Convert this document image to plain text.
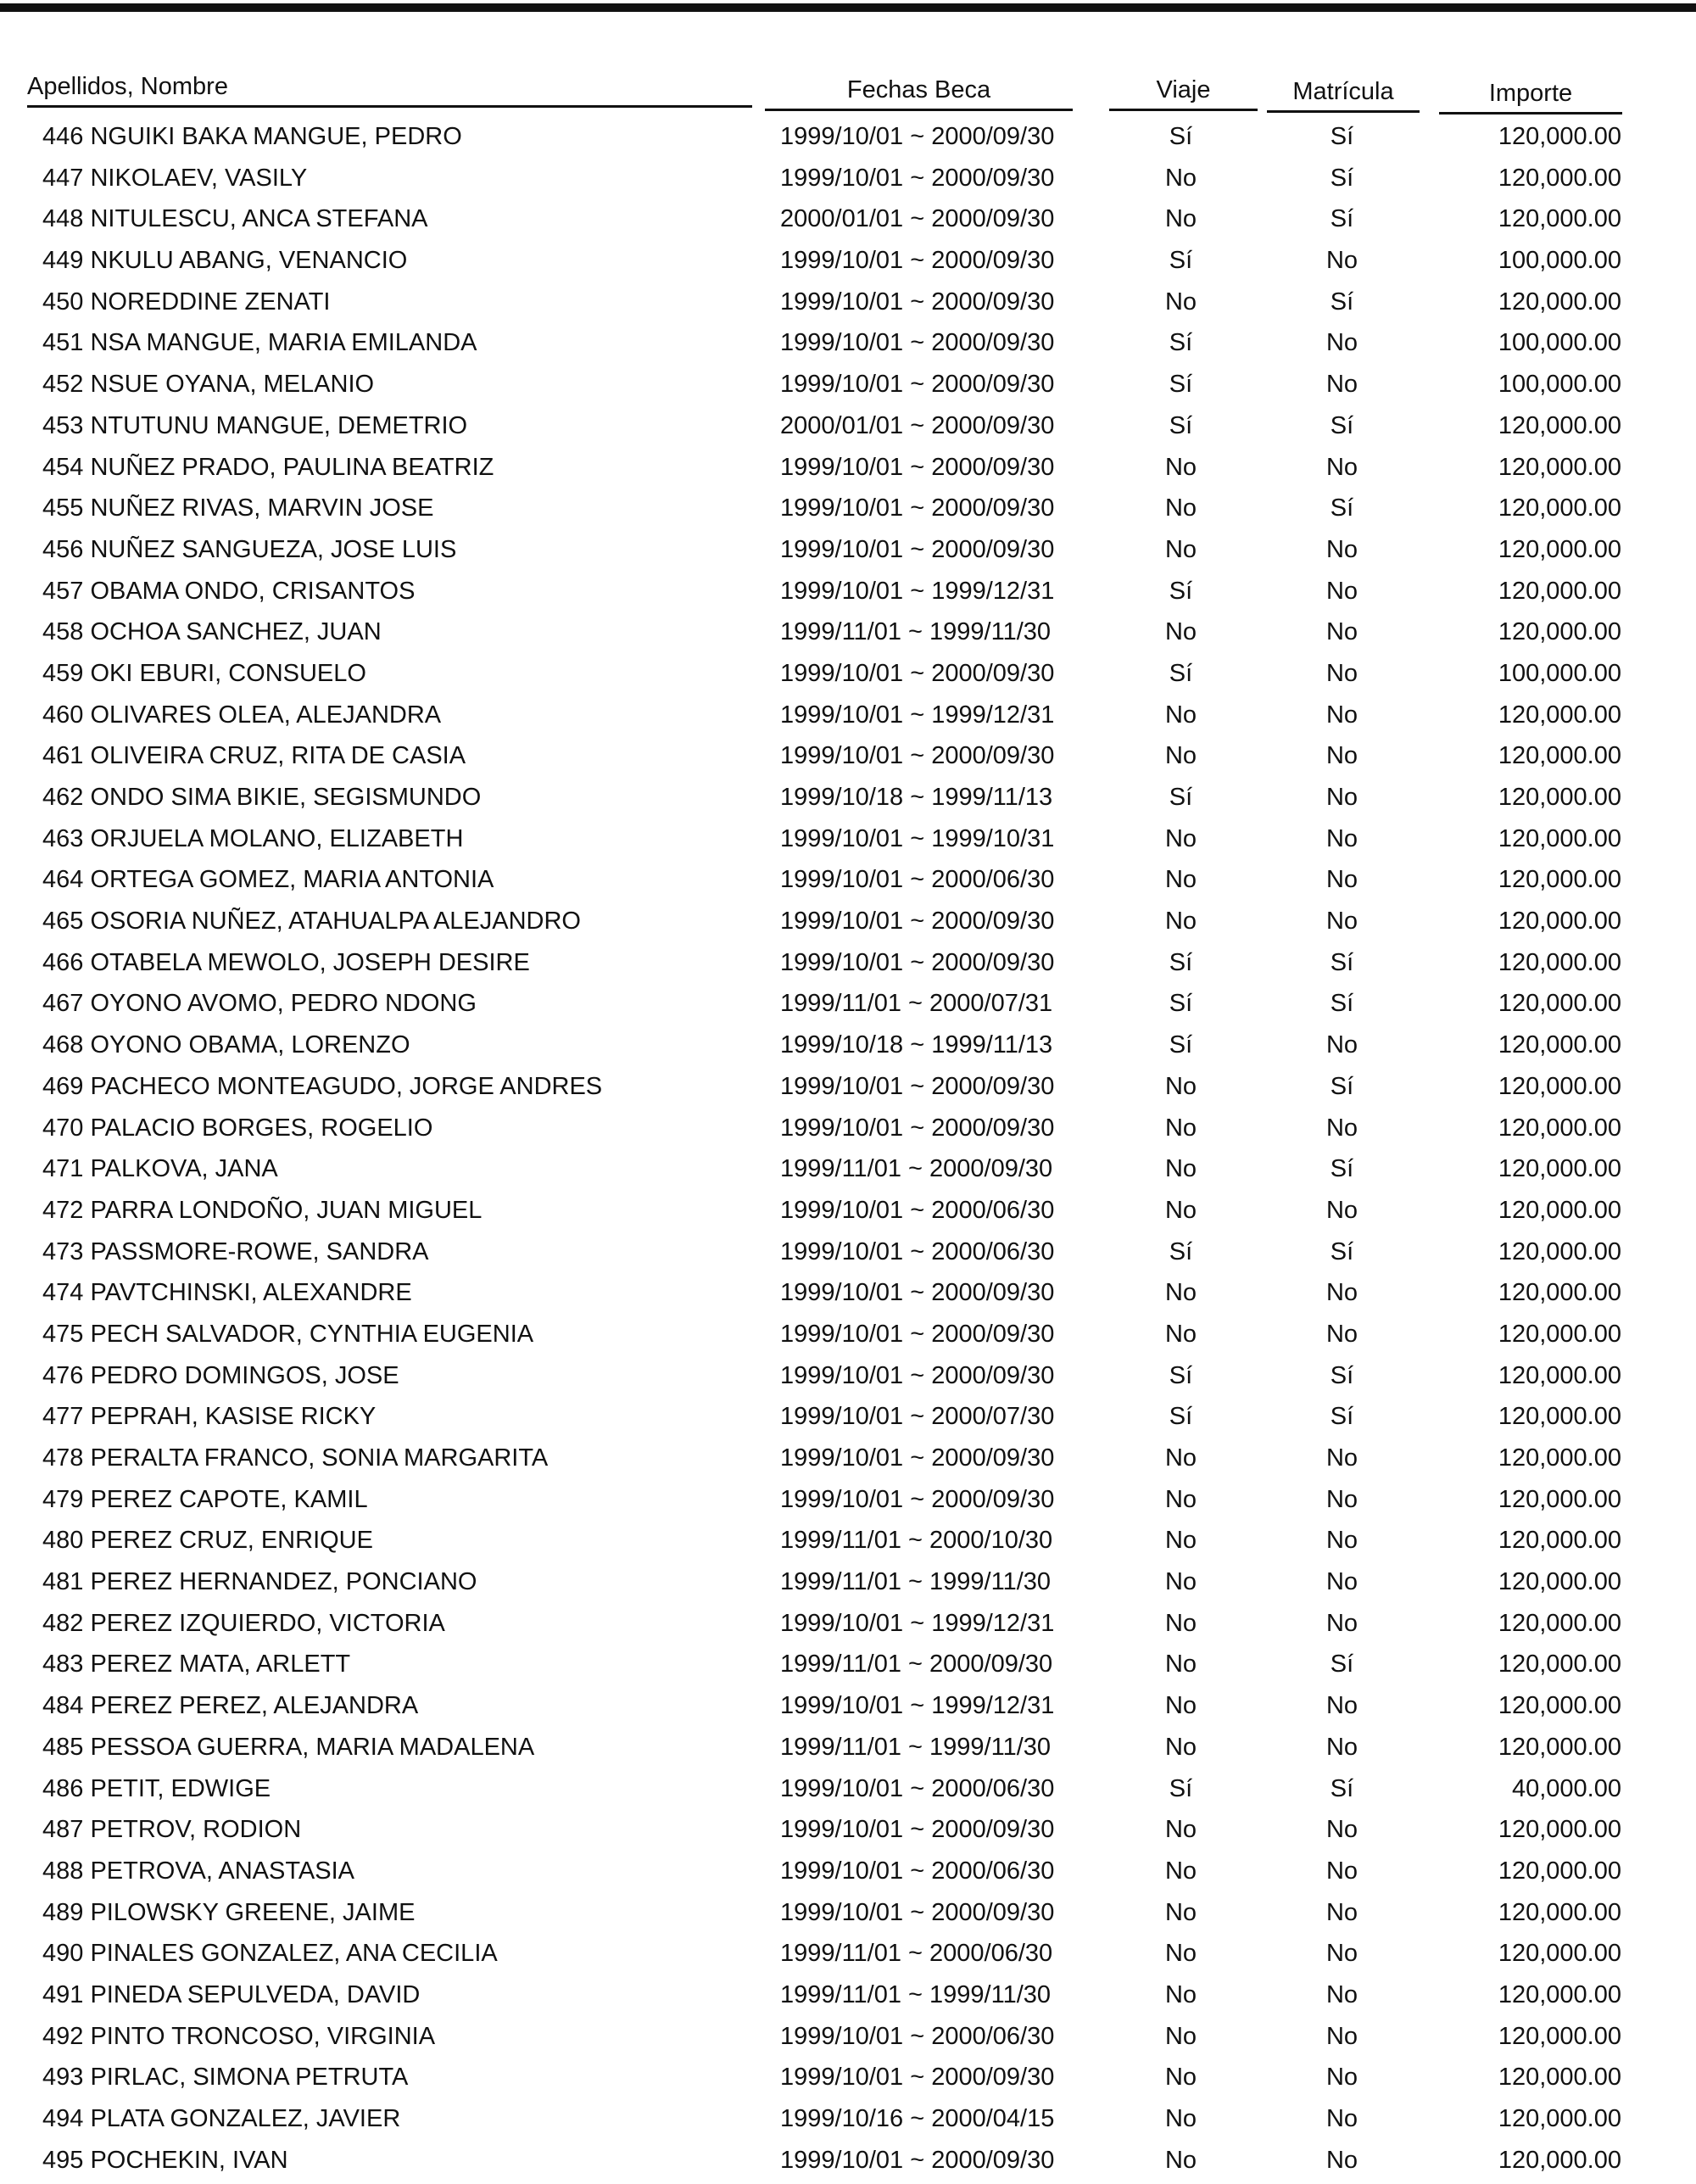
Apellidos, Nombre	Fechas Beca	Viaje	Matrícula	Importe
446 NGUIKI BAKA MANGUE, PEDRO	1999/10/01 ~ 2000/09/30	Sí	Sí	120,000.00
447 NIKOLAEV, VASILY	1999/10/01 ~ 2000/09/30	No	Sí	120,000.00
448 NITULESCU, ANCA STEFANA	2000/01/01 ~ 2000/09/30	No	Sí	120,000.00
449 NKULU ABANG, VENANCIO	1999/10/01 ~ 2000/09/30	Sí	No	100,000.00
450 NOREDDINE ZENATI	1999/10/01 ~ 2000/09/30	No	Sí	120,000.00
451 NSA MANGUE, MARIA EMILANDA	1999/10/01 ~ 2000/09/30	Sí	No	100,000.00
452 NSUE OYANA, MELANIO	1999/10/01 ~ 2000/09/30	Sí	No	100,000.00
453 NTUTUNU MANGUE, DEMETRIO	2000/01/01 ~ 2000/09/30	Sí	Sí	120,000.00
454 NUÑEZ PRADO, PAULINA BEATRIZ	1999/10/01 ~ 2000/09/30	No	No	120,000.00
455 NUÑEZ RIVAS, MARVIN JOSE	1999/10/01 ~ 2000/09/30	No	Sí	120,000.00
456 NUÑEZ SANGUEZA, JOSE LUIS	1999/10/01 ~ 2000/09/30	No	No	120,000.00
457 OBAMA ONDO, CRISANTOS	1999/10/01 ~ 1999/12/31	Sí	No	120,000.00
458 OCHOA SANCHEZ, JUAN	1999/11/01 ~ 1999/11/30	No	No	120,000.00
459 OKI EBURI, CONSUELO	1999/10/01 ~ 2000/09/30	Sí	No	100,000.00
460 OLIVARES OLEA, ALEJANDRA	1999/10/01 ~ 1999/12/31	No	No	120,000.00
461 OLIVEIRA CRUZ, RITA DE CASIA	1999/10/01 ~ 2000/09/30	No	No	120,000.00
462 ONDO SIMA BIKIE, SEGISMUNDO	1999/10/18 ~ 1999/11/13	Sí	No	120,000.00
463 ORJUELA MOLANO, ELIZABETH	1999/10/01 ~ 1999/10/31	No	No	120,000.00
464 ORTEGA GOMEZ, MARIA ANTONIA	1999/10/01 ~ 2000/06/30	No	No	120,000.00
465 OSORIA NUÑEZ, ATAHUALPA ALEJANDRO	1999/10/01 ~ 2000/09/30	No	No	120,000.00
466 OTABELA MEWOLO, JOSEPH DESIRE	1999/10/01 ~ 2000/09/30	Sí	Sí	120,000.00
467 OYONO AVOMO, PEDRO NDONG	1999/11/01 ~ 2000/07/31	Sí	Sí	120,000.00
468 OYONO OBAMA, LORENZO	1999/10/18 ~ 1999/11/13	Sí	No	120,000.00
469 PACHECO MONTEAGUDO, JORGE ANDRES	1999/10/01 ~ 2000/09/30	No	Sí	120,000.00
470 PALACIO BORGES, ROGELIO	1999/10/01 ~ 2000/09/30	No	No	120,000.00
471 PALKOVA, JANA	1999/11/01 ~ 2000/09/30	No	Sí	120,000.00
472 PARRA LONDOÑO, JUAN MIGUEL	1999/10/01 ~ 2000/06/30	No	No	120,000.00
473 PASSMORE-ROWE, SANDRA	1999/10/01 ~ 2000/06/30	Sí	Sí	120,000.00
474 PAVTCHINSKI, ALEXANDRE	1999/10/01 ~ 2000/09/30	No	No	120,000.00
475 PECH SALVADOR, CYNTHIA EUGENIA	1999/10/01 ~ 2000/09/30	No	No	120,000.00
476 PEDRO DOMINGOS, JOSE	1999/10/01 ~ 2000/09/30	Sí	Sí	120,000.00
477 PEPRAH, KASISE RICKY	1999/10/01 ~ 2000/07/30	Sí	Sí	120,000.00
478 PERALTA FRANCO, SONIA MARGARITA	1999/10/01 ~ 2000/09/30	No	No	120,000.00
479 PEREZ CAPOTE, KAMIL	1999/10/01 ~ 2000/09/30	No	No	120,000.00
480 PEREZ CRUZ, ENRIQUE	1999/11/01 ~ 2000/10/30	No	No	120,000.00
481 PEREZ HERNANDEZ, PONCIANO	1999/11/01 ~ 1999/11/30	No	No	120,000.00
482 PEREZ IZQUIERDO, VICTORIA	1999/10/01 ~ 1999/12/31	No	No	120,000.00
483 PEREZ MATA, ARLETT	1999/11/01 ~ 2000/09/30	No	Sí	120,000.00
484 PEREZ PEREZ, ALEJANDRA	1999/10/01 ~ 1999/12/31	No	No	120,000.00
485 PESSOA GUERRA, MARIA MADALENA	1999/11/01 ~ 1999/11/30	No	No	120,000.00
486 PETIT, EDWIGE	1999/10/01 ~ 2000/06/30	Sí	Sí	40,000.00
487 PETROV, RODION	1999/10/01 ~ 2000/09/30	No	No	120,000.00
488 PETROVA, ANASTASIA	1999/10/01 ~ 2000/06/30	No	No	120,000.00
489 PILOWSKY GREENE, JAIME	1999/10/01 ~ 2000/09/30	No	No	120,000.00
490 PINALES GONZALEZ, ANA CECILIA	1999/11/01 ~ 2000/06/30	No	No	120,000.00
491 PINEDA SEPULVEDA, DAVID	1999/11/01 ~ 1999/11/30	No	No	120,000.00
492 PINTO TRONCOSO, VIRGINIA	1999/10/01 ~ 2000/06/30	No	No	120,000.00
493 PIRLAC, SIMONA PETRUTA	1999/10/01 ~ 2000/09/30	No	No	120,000.00
494 PLATA GONZALEZ, JAVIER	1999/10/16 ~ 2000/04/15	No	No	120,000.00
495 POCHEKIN, IVAN	1999/10/01 ~ 2000/09/30	No	No	120,000.00
